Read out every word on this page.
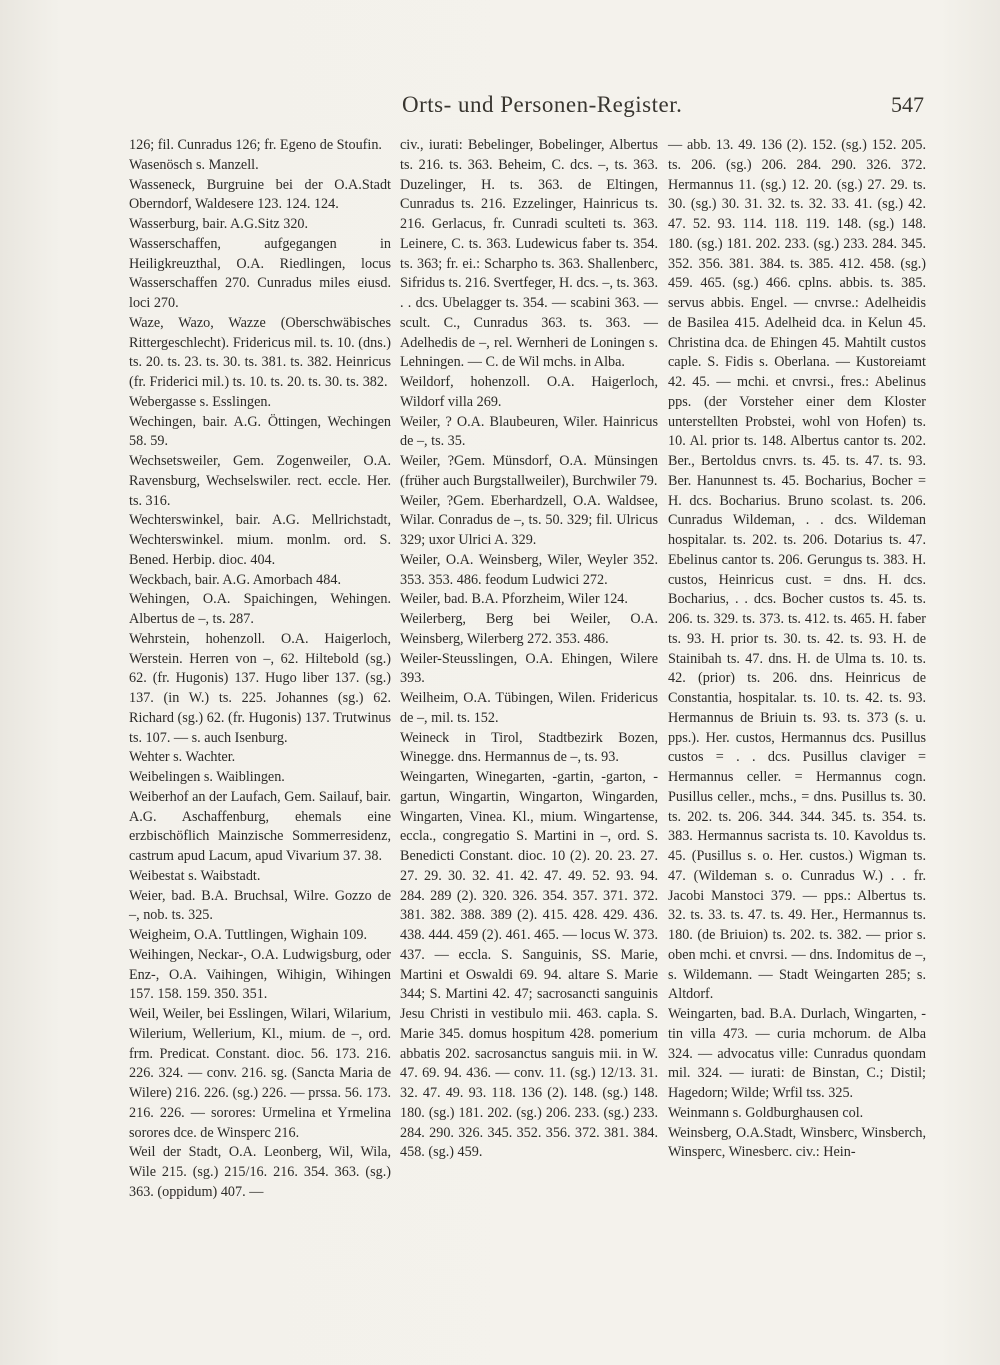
Orts- und Personen-Register.	547

126; fil. Cunradus 126; fr. Egeno de Stoufin.

Wasenösch s. Manzell.

Wasseneck, Burgruine bei der O.A.Stadt Oberndorf, Waldesere 123. 124. 124.

Wasserburg, bair. A.G.Sitz 320.

Wasserschaffen, aufgegangen in Heiligkreuzthal, O.A. Riedlingen, locus Wasserschaffen 270. Cunradus miles eiusd. loci 270.

Waze, Wazo, Wazze (Oberschwäbisches Rittergeschlecht). Fridericus mil. ts. 10. (dns.) ts. 20. ts. 23. ts. 30. ts. 381. ts. 382. Heinricus (fr. Friderici mil.) ts. 10. ts. 20. ts. 30. ts. 382.

Webergasse s. Esslingen.

Wechingen, bair. A.G. Öttingen, Wechingen 58. 59.

Wechsetsweiler, Gem. Zogenweiler, O.A. Ravensburg, Wechselswiler. rect. eccle. Her. ts. 316.

Wechterswinkel, bair. A.G. Mellrichstadt, Wechterswinkel. mium. monlm. ord. S. Bened. Herbip. dioc. 404.

Weckbach, bair. A.G. Amorbach 484.

Wehingen, O.A. Spaichingen, Wehingen. Albertus de –, ts. 287.

Wehrstein, hohenzoll. O.A. Haigerloch, Werstein. Herren von –, 62. Hiltebold (sg.) 62. (fr. Hugonis) 137. Hugo liber 137. (sg.) 137. (in W.) ts. 225. Johannes (sg.) 62. Richard (sg.) 62. (fr. Hugonis) 137. Trutwinus ts. 107. — s. auch Isenburg.

Wehter s. Wachter.

Weibelingen s. Waiblingen.

Weiberhof an der Laufach, Gem. Sailauf, bair. A.G. Aschaffenburg, ehemals eine erzbischöflich Mainzische Sommerresidenz, castrum apud Lacum, apud Vivarium 37. 38.

Weibestat s. Waibstadt.

Weier, bad. B.A. Bruchsal, Wilre. Gozzo de –, nob. ts. 325.

Weigheim, O.A. Tuttlingen, Wighain 109.

Weihingen, Neckar-, O.A. Ludwigsburg, oder Enz-, O.A. Vaihingen, Wihigin, Wihingen 157. 158. 159. 350. 351.

Weil, Weiler, bei Esslingen, Wilari, Wilarium, Wilerium, Wellerium, Kl., mium. de –, ord. frm. Predicat. Constant. dioc. 56. 173. 216. 226. 324. — conv. 216. sg. (Sancta Maria de Wilere) 216. 226. (sg.) 226. — prssa. 56. 173. 216. 226. — sorores: Urmelina et Yrmelina sorores dce. de Winsperc 216.

Weil der Stadt, O.A. Leonberg, Wil, Wila, Wile 215. (sg.) 215/16. 216. 354. 363. (sg.) 363. (oppidum) 407. —

civ., iurati: Bebelinger, Bobelinger, Albertus ts. 216. ts. 363. Beheim, C. dcs. –, ts. 363. Duzelinger, H. ts. 363. de Eltingen, Cunradus ts. 216. Ezzelinger, Hainricus ts. 216. Gerlacus, fr. Cunradi sculteti ts. 363. Leinere, C. ts. 363. Ludewicus faber ts. 354. ts. 363; fr. ei.: Scharpho ts. 363. Shallenberc, Sifridus ts. 216. Svertfeger, H. dcs. –, ts. 363. . . dcs. Ubelagger ts. 354. — scabini 363. — scult. C., Cunradus 363. ts. 363. — Adelhedis de –, rel. Wernheri de Loningen s. Lehningen. — C. de Wil mchs. in Alba.

Weildorf, hohenzoll. O.A. Haigerloch, Wildorf villa 269.

Weiler, ? O.A. Blaubeuren, Wiler. Hainricus de –, ts. 35.

Weiler, ?Gem. Münsdorf, O.A. Münsingen (früher auch Burgstallweiler), Burchwiler 79.

Weiler, ?Gem. Eberhardzell, O.A. Waldsee, Wilar. Conradus de –, ts. 50. 329; fil. Ulricus 329; uxor Ulrici A. 329.

Weiler, O.A. Weinsberg, Wiler, Weyler 352. 353. 353. 486. feodum Ludwici 272.

Weiler, bad. B.A. Pforzheim, Wiler 124.

Weilerberg, Berg bei Weiler, O.A. Weinsberg, Wilerberg 272. 353. 486.

Weiler-Steusslingen, O.A. Ehingen, Wilere 393.

Weilheim, O.A. Tübingen, Wilen. Fridericus de –, mil. ts. 152.

Weineck in Tirol, Stadtbezirk Bozen, Winegge. dns. Hermannus de –, ts. 93.

Weingarten, Winegarten, -gartin, -garton, -gartun, Wingartin, Wingarton, Wingarden, Wingarten, Vinea. Kl., mium. Wingartense, eccla., congregatio S. Martini in –, ord. S. Benedicti Constant. dioc. 10 (2). 20. 23. 27. 27. 29. 30. 32. 41. 42. 47. 49. 52. 93. 94. 284. 289 (2). 320. 326. 354. 357. 371. 372. 381. 382. 388. 389 (2). 415. 428. 429. 436. 438. 444. 459 (2). 461. 465. — locus W. 373. 437. — eccla. S. Sanguinis, SS. Marie, Martini et Oswaldi 69. 94. altare S. Marie 344; S. Martini 42. 47; sacrosancti sanguinis Jesu Christi in vestibulo mii. 463. capla. S. Marie 345. domus hospitum 428. pomerium abbatis 202. sacrosanctus sanguis mii. in W. 47. 69. 94. 436. — conv. 11. (sg.) 12/13. 31. 32. 47. 49. 93. 118. 136 (2). 148. (sg.) 148. 180. (sg.) 181. 202. (sg.) 206. 233. (sg.) 233. 284. 290. 326. 345. 352. 356. 372. 381. 384. 458. (sg.) 459.

— abb. 13. 49. 136 (2). 152. (sg.) 152. 205. ts. 206. (sg.) 206. 284. 290. 326. 372. Hermannus 11. (sg.) 12. 20. (sg.) 27. 29. ts. 30. (sg.) 30. 31. 32. ts. 32. 33. 41. (sg.) 42. 47. 52. 93. 114. 118. 119. 148. (sg.) 148. 180. (sg.) 181. 202. 233. (sg.) 233. 284. 345. 352. 356. 381. 384. ts. 385. 412. 458. (sg.) 459. 465. (sg.) 466. cplns. abbis. ts. 385. servus abbis. Engel. — cnvrse.: Adelheidis de Basilea 415. Adelheid dca. in Kelun 45. Christina dca. de Ehingen 45. Mahtilt custos caple. S. Fidis s. Oberlana. — Kustoreiamt 42. 45. — mchi. et cnvrsi., fres.: Abelinus pps. (der Vorsteher einer dem Kloster unterstellten Probstei, wohl von Hofen) ts. 10. Al. prior ts. 148. Albertus cantor ts. 202. Ber., Bertoldus cnvrs. ts. 45. ts. 47. ts. 93. Ber. Hanunnest ts. 45. Bocharius, Bocher = H. dcs. Bocharius. Bruno scolast. ts. 206. Cunradus Wildeman, . . dcs. Wildeman hospitalar. ts. 202. ts. 206. Dotarius ts. 47. Ebelinus cantor ts. 206. Gerungus ts. 383. H. custos, Heinricus cust. = dns. H. dcs. Bocharius, . . dcs. Bocher custos ts. 45. ts. 206. ts. 329. ts. 373. ts. 412. ts. 465. H. faber ts. 93. H. prior ts. 30. ts. 42. ts. 93. H. de Stainibah ts. 47. dns. H. de Ulma ts. 10. ts. 42. (prior) ts. 206. dns. Heinricus de Constantia, hospitalar. ts. 10. ts. 42. ts. 93. Hermannus de Briuin ts. 93. ts. 373 (s. u. pps.). Her. custos, Hermannus dcs. Pusillus custos = . . dcs. Pusillus claviger = Hermannus celler. = Hermannus cogn. Pusillus celler., mchs., = dns. Pusillus ts. 30. ts. 202. ts. 206. 344. 344. 345. ts. 354. ts. 383. Hermannus sacrista ts. 10. Kavoldus ts. 45. (Pusillus s. o. Her. custos.) Wigman ts. 47. (Wildeman s. o. Cunradus W.) . . fr. Jacobi Manstoci 379. — pps.: Albertus ts. 32. ts. 33. ts. 47. ts. 49. Her., Hermannus ts. 180. (de Briuion) ts. 202. ts. 382. — prior s. oben mchi. et cnvrsi. — dns. Indomitus de –, s. Wildemann. — Stadt Weingarten 285; s. Altdorf.

Weingarten, bad. B.A. Durlach, Wingarten, -tin villa 473. — curia mchorum. de Alba 324. — advocatus ville: Cunradus quondam mil. 324. — iurati: de Binstan, C.; Distil; Hagedorn; Wilde; Wrfil tss. 325.

Weinmann s. Goldburghausen col.

Weinsberg, O.A.Stadt, Winsberc, Winsberch, Winsperc, Winesberc. civ.: Hein-
